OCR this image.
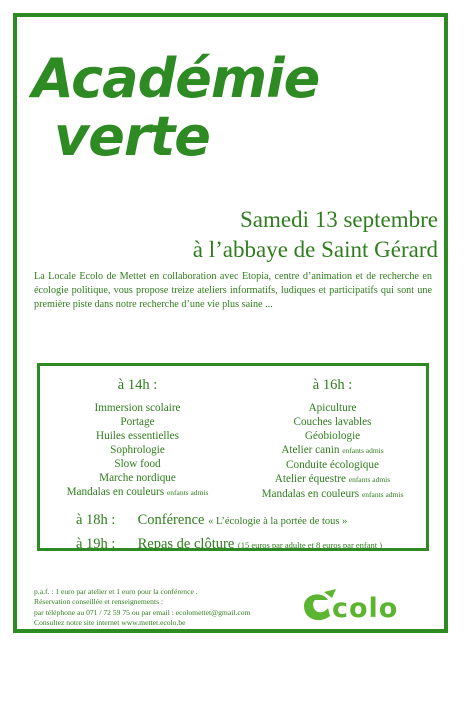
Académie
verte
Samedi 13 septembre
à l’abbaye de Saint Gérard

La Locale Ecolo de Mettet en collaboration avec Etopia, centre d’animation et de recherche en écologie politique, vous propose treize ateliers informatifs, ludiques et participatifs qui sont une première piste dans notre recherche d’une vie plus saine ...

à 14h :
Immersion scolaire
Portage
Huiles essentielles
Sophrologie
Slow food
Marche nordique
Mandalas en couleurs enfants admis
à 16h :
Apiculture
Couches lavables
Géobiologie
Atelier canin enfants admis
Conduite écologique
Atelier équestre enfants admis
Mandalas en couleurs enfants admis
à 18h : Conférence « L’écologie à la portée de tous »
à 19h : Repas de clôture (15 euros par adulte et 8 euros par enfant )
p.a.f. : 1 euro par atelier et 1 euro pour la conférence .
Réservation conseillée et renseignements :
par téléphone au 071 / 72 59 75 ou par email : ecolomettet@gmail.com
Consultez notre site internet www.mettet.ecolo.be	colo
